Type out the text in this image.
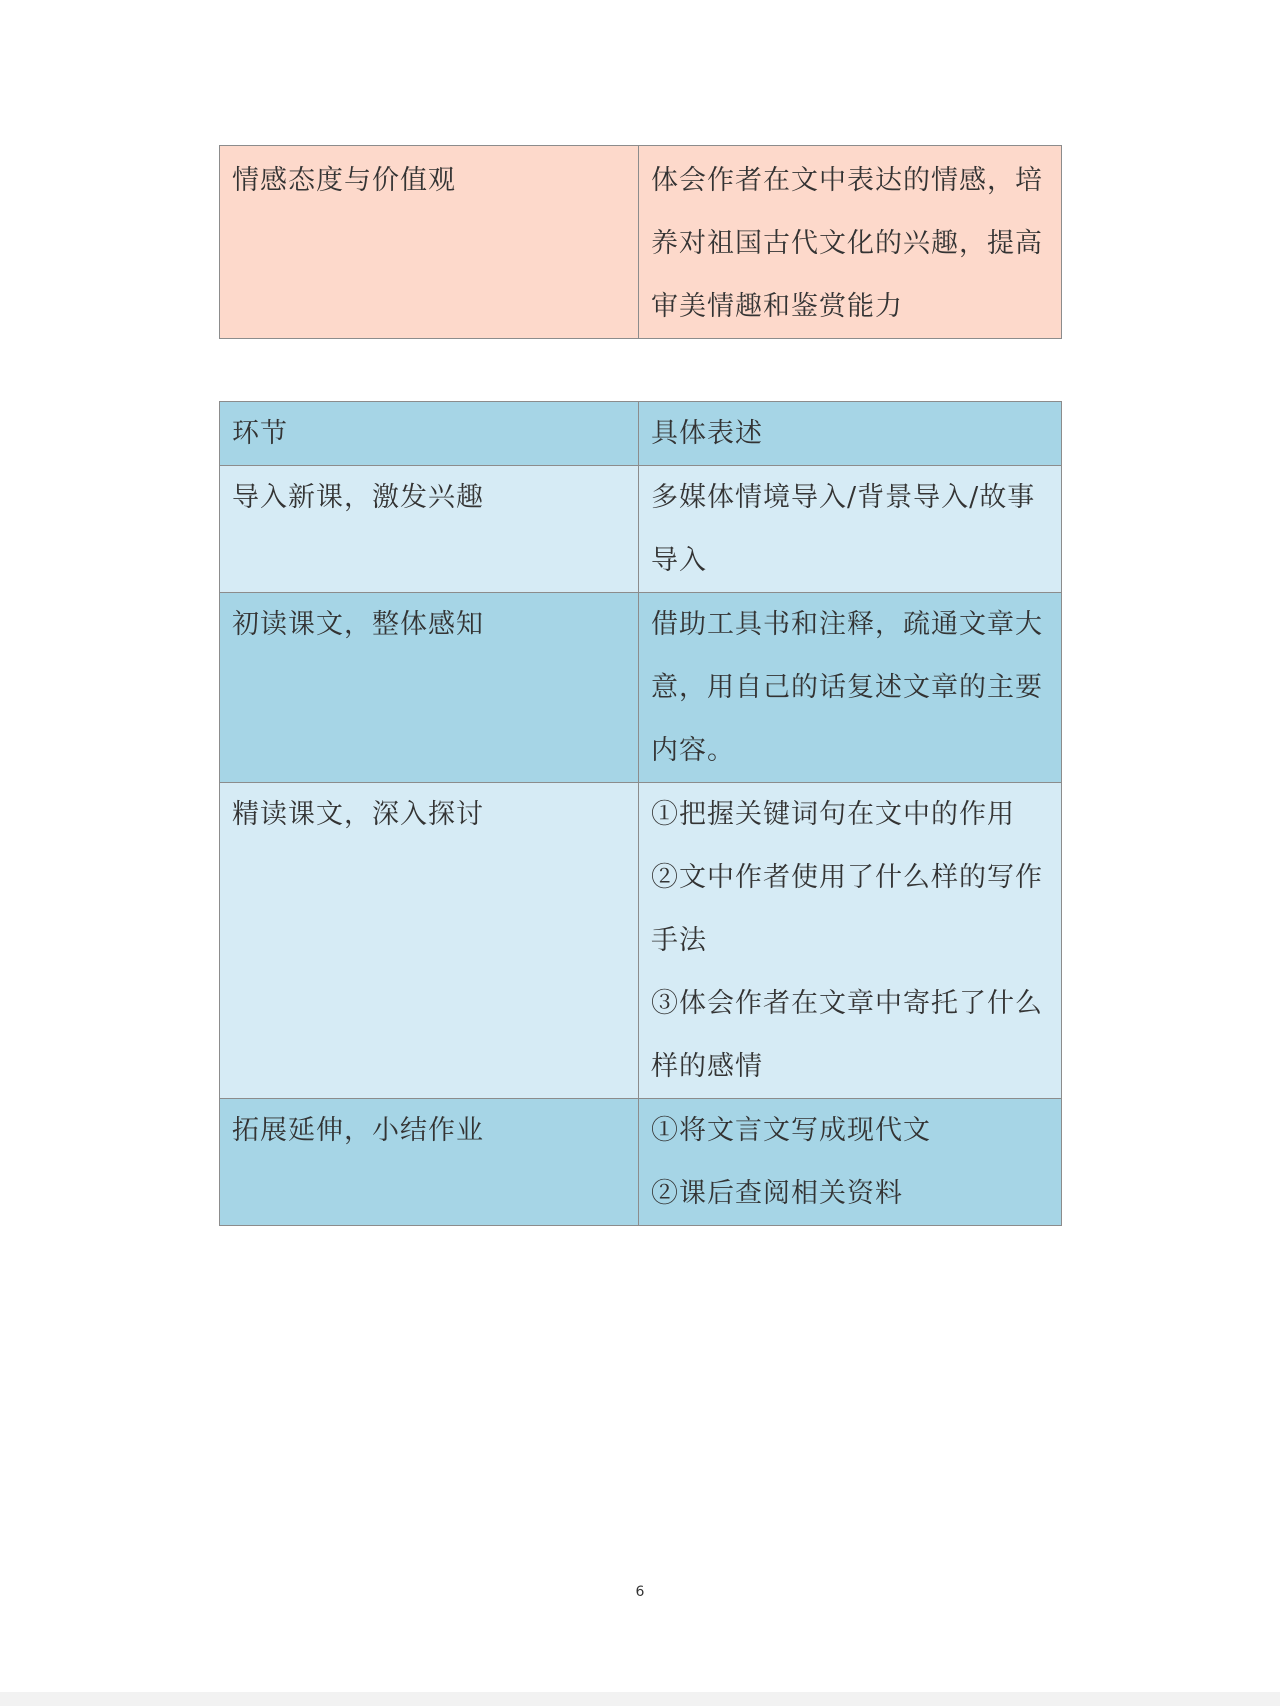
情感态度与价值观	体会作者在文中表达的情感，培养对祖国古代文化的兴趣，提高审美情趣和鉴赏能力
环节	具体表述
导入新课，激发兴趣	多媒体情境导入/背景导入/故事导入

初读课文，整体感知	借助工具书和注释，疏通文章大意，用自己的话复述文章的主要内容。

精读课文，深入探讨	①把握关键词句在文中的作用
②文中作者使用了什么样的写作手法
③体会作者在文章中寄托了什么样的感情

拓展延伸，小结作业	①将文言文写成现代文
②课后查阅相关资料
6
